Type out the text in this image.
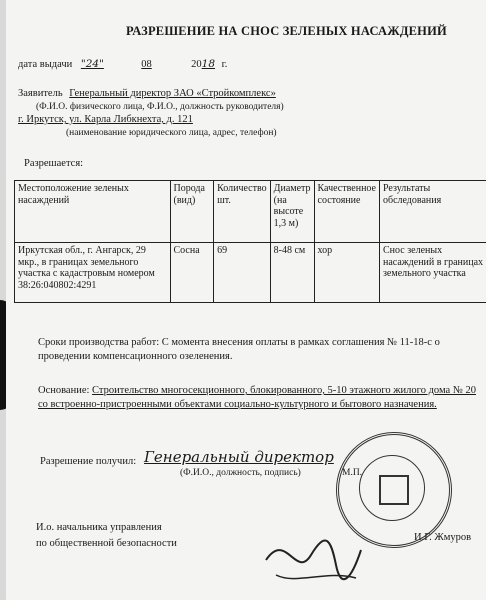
РАЗРЕШЕНИЕ НА СНОС ЗЕЛЕНЫХ НАСАЖДЕНИЙ
дата выдачи "24"	08	2018 г.
Заявитель Генеральный директор ЗАО «Стройкомплекс»
(Ф.И.О. физического лица, Ф.И.О., должность руководителя)
г. Иркутск, ул. Карла Либкнехта, д. 121
(наименование юридического лица, адрес, телефон)
Разрешается:
Местоположение зеленых насаждений	Порода (вид)	Количество шт.	Диаметр (на высоте 1,3 м)	Качественное состояние	Результаты обследования
Иркутская обл., г. Ангарск, 29 мкр., в границах земельного участка с кадастровым номером 38:26:040802:4291	Сосна	69	8-48 см	хор	Снос зеленых насаждений в границах земельного участка
Сроки производства работ: С момента внесения оплаты в рамках соглашения № 11-18-с о проведении компенсационного озеленения.
Основание: Строительство многосекционного, блокированного, 5-10 этажного жилого дома № 20 со встроенно-пристроенными объектами социально-культурного и бытового назначения.
Разрешение получил: Генеральный директор
(Ф.И.О., должность, подпись)	М.П.
И.о. начальника управления
по общественной безопасности
И.Г. Жмуров
